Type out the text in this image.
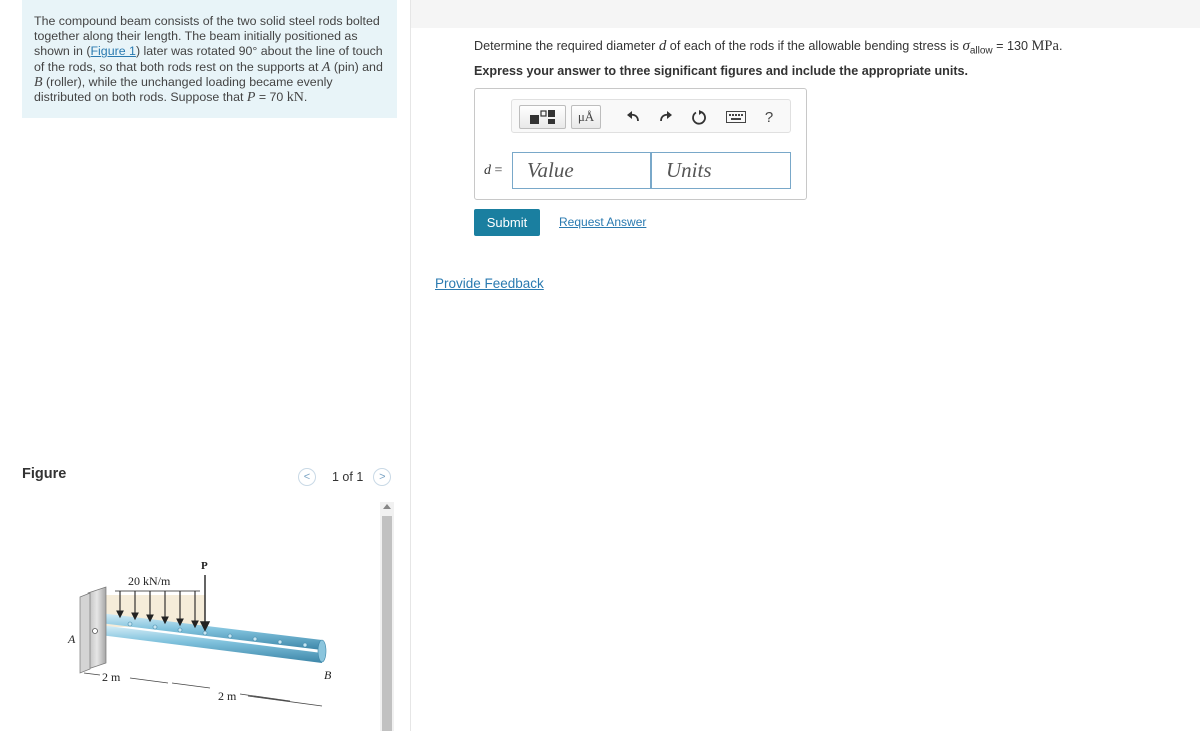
The compound beam consists of the two solid steel rods bolted together along their length. The beam initially positioned as shown in (Figure 1) later was rotated 90° about the line of touch of the rods, so that both rods rest on the supports at A (pin) and B (roller), while the unchanged loading became evenly distributed on both rods. Suppose that P = 70 kN.
Figure	< 1 of 1 >
20 kN/m
P
A
B
2 m
2 m
Determine the required diameter d of each of the rods if the allowable bending stress is $\sigma_{allow} = 130$ MPa.
Express your answer to three significant figures and include the appropriate units.
μÅ	?
d =
Value
Units
Submit	Request Answer
Provide Feedback
